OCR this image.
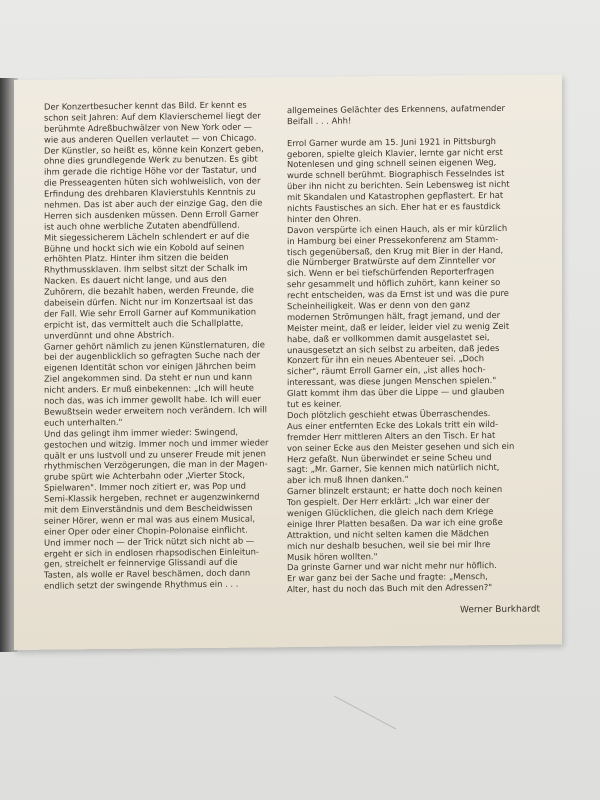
Der Konzertbesucher kennt das Bild. Er kennt es
schon seit Jahren: Auf dem Klavierschemel liegt der
berühmte Adreßbuchwälzer von New York oder —
wie aus anderen Quellen verlautet — von Chicago.
Der Künstler, so heißt es, könne kein Konzert geben,
ohne dies grundlegende Werk zu benutzen. Es gibt
ihm gerade die richtige Höhe vor der Tastatur, und
die Presseagenten hüten sich wohlweislich, von der
Erfindung des drehbaren Klavierstuhls Kenntnis zu
nehmen. Das ist aber auch der einzige Gag, den die
Herren sich ausdenken müssen. Denn Erroll Garner
ist auch ohne werbliche Zutaten abendfüllend.
Mit siegessicherem Lächeln schlendert er auf die
Bühne und hockt sich wie ein Kobold auf seinen
erhöhten Platz. Hinter ihm sitzen die beiden
Rhythmussklaven. Ihm selbst sitzt der Schalk im
Nacken. Es dauert nicht lange, und aus den
Zuhörern, die bezahlt haben, werden Freunde, die
dabeisein dürfen. Nicht nur im Konzertsaal ist das
der Fall. Wie sehr Erroll Garner auf Kommunikation
erpicht ist, das vermittelt auch die Schallplatte,
unverdünnt und ohne Abstrich.
Garner gehört nämlich zu jenen Künstlernaturen, die
bei der augenblicklich so gefragten Suche nach der
eigenen Identität schon vor einigen Jährchen beim
Ziel angekommen sind. Da steht er nun und kann
nicht anders. Er muß einbekennen: „Ich will heute
noch das, was ich immer gewollt habe. Ich will euer
Bewußtsein weder erweitern noch verändern. Ich will
euch unterhalten."
Und das gelingt ihm immer wieder: Swingend,
gestochen und witzig. Immer noch und immer wieder
quält er uns lustvoll und zu unserer Freude mit jenen
rhythmischen Verzögerungen, die man in der Magen-
grube spürt wie Achterbahn oder „Vierter Stock,
Spielwaren". Immer noch zitiert er, was Pop und
Semi-Klassik hergeben, rechnet er augenzwinkernd
mit dem Einverständnis und dem Bescheidwissen
seiner Hörer, wenn er mal was aus einem Musical,
einer Oper oder einer Chopin-Polonaise einflicht.
Und immer noch — der Trick nützt sich nicht ab —
ergeht er sich in endlosen rhapsodischen Einleitun-
gen, streichelt er feinnervige Glissandi auf die
Tasten, als wolle er Ravel beschämen, doch dann
endlich setzt der swingende Rhythmus ein . . .
allgemeines Gelächter des Erkennens, aufatmender
Beifall . . . Ahh!
Errol Garner wurde am 15. Juni 1921 in Pittsburgh
geboren, spielte gleich Klavier, lernte gar nicht erst
Notenlesen und ging schnell seinen eigenen Weg,
wurde schnell berühmt. Biographisch Fesselndes ist
über ihn nicht zu berichten. Sein Lebensweg ist nicht
mit Skandalen und Katastrophen gepflastert. Er hat
nichts Faustisches an sich. Eher hat er es faustdick
hinter den Ohren.
Davon verspürte ich einen Hauch, als er mir kürzlich
in Hamburg bei einer Pressekonferenz am Stamm-
tisch gegenübersaß, den Krug mit Bier in der Hand,
die Nürnberger Bratwürste auf dem Zinnteller vor
sich. Wenn er bei tiefschürfenden Reporterfragen
sehr gesammelt und höflich zuhört, kann keiner so
recht entscheiden, was da Ernst ist und was die pure
Scheinheiligkeit. Was er denn von den ganz
modernen Strömungen hält, fragt jemand, und der
Meister meint, daß er leider, leider viel zu wenig Zeit
habe, daß er vollkommen damit ausgelastet sei,
unausgesetzt an sich selbst zu arbeiten, daß jedes
Konzert für ihn ein neues Abenteuer sei. „Doch
sicher", räumt Erroll Garner ein, „ist alles hoch-
interessant, was diese jungen Menschen spielen."
Glatt kommt ihm das über die Lippe — und glauben
tut es keiner.
Doch plötzlich geschieht etwas Überraschendes.
Aus einer entfernten Ecke des Lokals tritt ein wild-
fremder Herr mittleren Alters an den Tisch. Er hat
von seiner Ecke aus den Meister gesehen und sich ein
Herz gefaßt. Nun überwindet er seine Scheu und
sagt: „Mr. Garner, Sie kennen mich natürlich nicht,
aber ich muß Ihnen danken."
Garner blinzelt erstaunt; er hatte doch noch keinen
Ton gespielt. Der Herr erklärt: „Ich war einer der
wenigen Glücklichen, die gleich nach dem Kriege
einige Ihrer Platten besaßen. Da war ich eine große
Attraktion, und nicht selten kamen die Mädchen
mich nur deshalb besuchen, weil sie bei mir Ihre
Musik hören wollten."
Da grinste Garner und war nicht mehr nur höflich.
Er war ganz bei der Sache und fragte: „Mensch,
Alter, hast du noch das Buch mit den Adressen?"
Werner Burkhardt
